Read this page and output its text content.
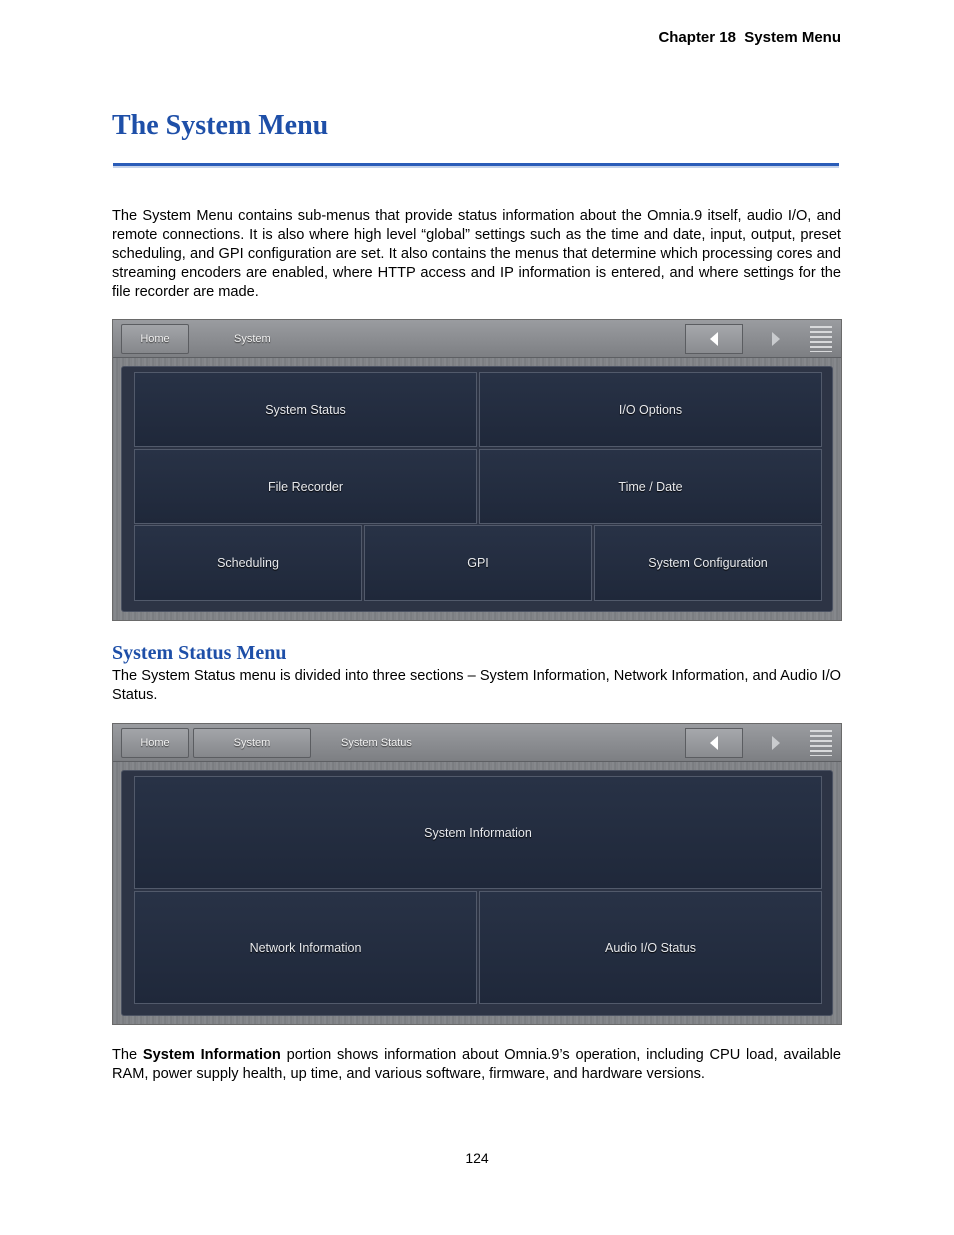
Chapter 18  System Menu
The System Menu

The System Menu contains sub-menus that provide status information about the Omnia.9 itself, audio I/O, and remote connections. It is also where high level “global” settings such as the time and date, input, output, preset scheduling, and GPI configuration are set. It also contains the menus that determine which processing cores and streaming encoders are enabled, where HTTP access and IP information is entered, and where settings for the file recorder are made.

Home	System
System Status	I/O Options
File Recorder	Time / Date
Scheduling	GPI	System Configuration
System Status Menu

The System Status menu is divided into three sections – System Information, Network Information, and Audio I/O Status.

Home	System	System Status
System Information
Network Information	Audio I/O Status

The System Information portion shows information about Omnia.9’s operation, including CPU load, available RAM, power supply health, up time, and various software, firmware, and hardware versions.

124
